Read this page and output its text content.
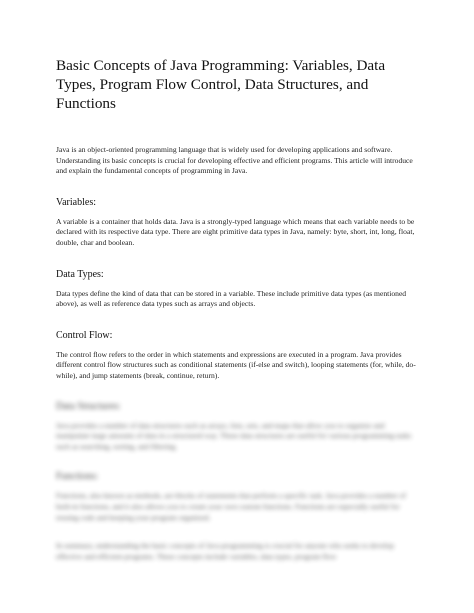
Basic Concepts of Java Programming: Variables, Data Types, Program Flow Control, Data Structures, and Functions

Java is an object-oriented programming language that is widely used for developing applications and software. Understanding its basic concepts is crucial for developing effective and efficient programs. This article will introduce and explain the fundamental concepts of programming in Java.

Variables:

A variable is a container that holds data. Java is a strongly-typed language which means that each variable needs to be declared with its respective data type. There are eight primitive data types in Java, namely: byte, short, int, long, float, double, char and boolean.

Data Types:

Data types define the kind of data that can be stored in a variable. These include primitive data types (as mentioned above), as well as reference data types such as arrays and objects.

Control Flow:

The control flow refers to the order in which statements and expressions are executed in a program. Java provides different control flow structures such as conditional statements (if-else and switch), looping statements (for, while, do-while), and jump statements (break, continue, return).

Data Structures:

Java provides a number of data structures such as arrays, lists, sets, and maps that allow you to organize and manipulate large amounts of data in a structured way. These data structures are useful for various programming tasks such as searching, sorting, and filtering.

Functions:

Functions, also known as methods, are blocks of statements that perform a specific task. Java provides a number of built-in functions, and it also allows you to create your own custom functions. Functions are especially useful for reusing code and keeping your program organized.

In summary, understanding the basic concepts of Java programming is crucial for anyone who seeks to develop effective and efficient programs. These concepts include variables, data types, program flow
